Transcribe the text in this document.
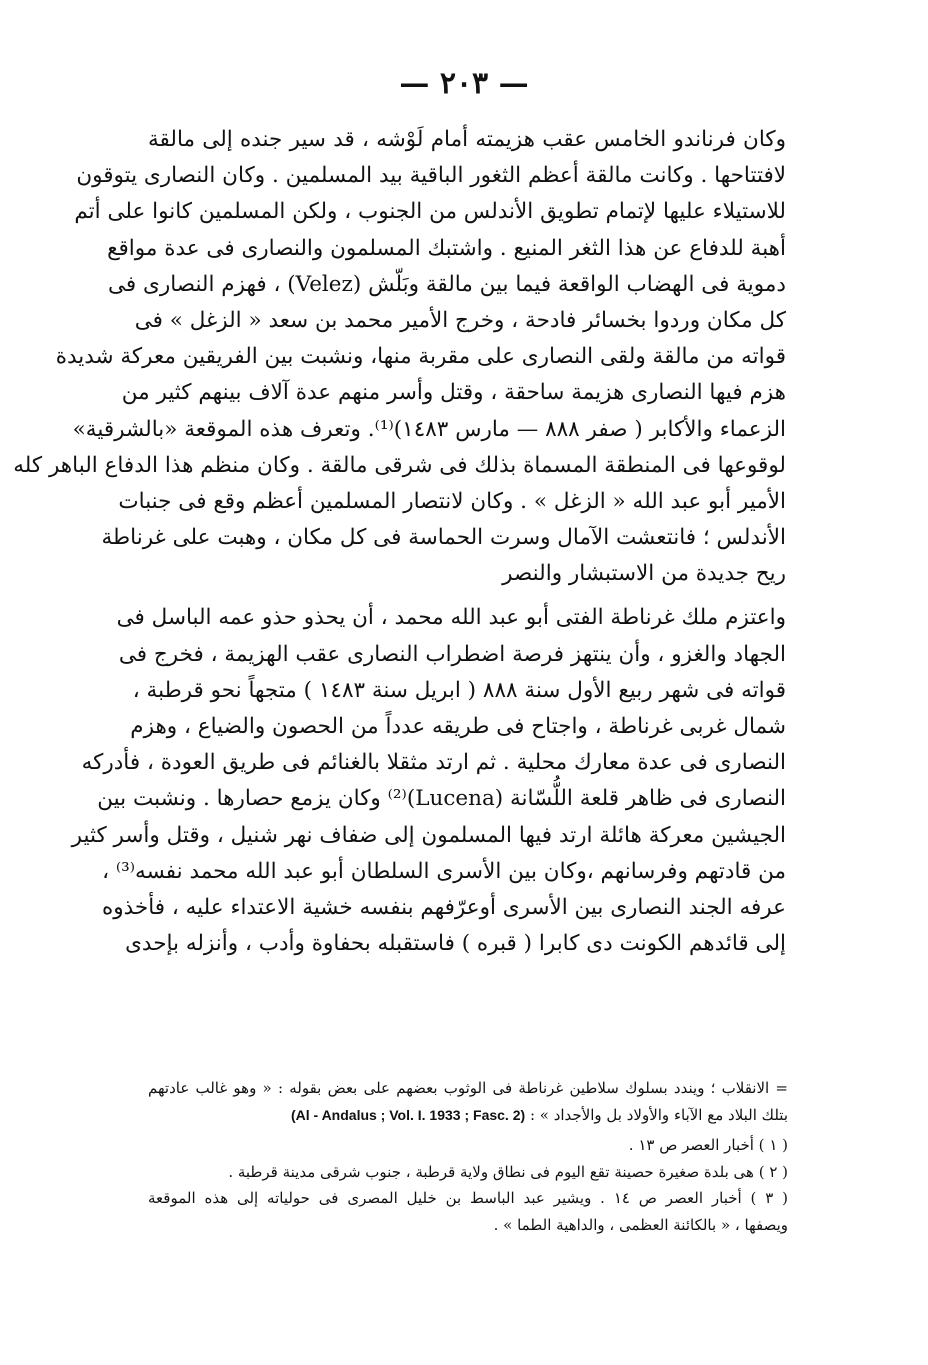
— ٢٠٣ —
وكان فرناندو الخامس عقب هزيمته أمام لَوْشه ، قد سير جنده إلى مالقة
لافتتاحها . وكانت مالقة أعظم الثغور الباقية بيد المسلمين . وكان النصارى يتوقون
للاستيلاء عليها لإتمام تطويق الأندلس من الجنوب ، ولكن المسلمين كانوا على أتم
أهبة للدفاع عن هذا الثغر المنيع . واشتبك المسلمون والنصارى فى عدة مواقع
دموية فى الهضاب الواقعة فيما بين مالقة وبَلّش (Velez) ، فهزم النصارى فى
كل مكان وردوا بخسائر فادحة ، وخرج الأمير محمد بن سعد « الزغل » فى
قواته من مالقة ولقى النصارى على مقربة منها، ونشبت بين الفريقين معركة شديدة
هزم فيها النصارى هزيمة ساحقة ، وقتل وأسر منهم عدة آلاف بينهم كثير من
الزعماء والأكابر ( صفر ٨٨٨ — مارس ١٤٨٣)⁽¹⁾. وتعرف هذه الموقعة «بالشرقية»
لوقوعها فى المنطقة المسماة بذلك فى شرقى مالقة . وكان منظم هذا الدفاع الباهر كله
الأمير أبو عبد الله « الزغل » . وكان لانتصار المسلمين أعظم وقع فى جنبات
الأندلس ؛ فانتعشت الآمال وسرت الحماسة فى كل مكان ، وهبت على غرناطة
ريح جديدة من الاستبشار والنصر
واعتزم ملك غرناطة الفتى أبو عبد الله محمد ، أن يحذو حذو عمه الباسل فى
الجهاد والغزو ، وأن ينتهز فرصة اضطراب النصارى عقب الهزيمة ، فخرج فى
قواته فى شهر ربيع الأول سنة ٨٨٨ ( ابريل سنة ١٤٨٣ ) متجهاً نحو قرطبة ،
شمال غربى غرناطة ، واجتاح فى طريقه عدداً من الحصون والضياع ، وهزم
النصارى فى عدة معارك محلية . ثم ارتد مثقلا بالغنائم فى طريق العودة ، فأدركه
النصارى فى ظاهر قلعة اللُّسّانة (Lucena)⁽²⁾ وكان يزمع حصارها . ونشبت بين
الجيشين معركة هائلة ارتد فيها المسلمون إلى ضفاف نهر شنيل ، وقتل وأسر كثير
من قادتهم وفرسانهم ،وكان بين الأسرى السلطان أبو عبد الله محمد نفسه⁽³⁾ ،
عرفه الجند النصارى بين الأسرى أوعرّفهم بنفسه خشية الاعتداء عليه ، فأخذوه
إلى قائدهم الكونت دى كابرا ( قبره ) فاستقبله بحفاوة وأدب ، وأنزله بإحدى
= الانقلاب ؛ ويندد بسلوك سلاطين غرناطة فى الوثوب بعضهم على بعض بقوله : « وهو غالب عادتهم
بتلك البلاد مع الآباء والأولاد بل والأجداد » : (Al - Andalus ; Vol. I. 1933 ; Fasc. 2)
( ١ ) أخبار العصر ص ١٣ .
( ٢ ) هى بلدة صغيرة حصينة تقع اليوم فى نطاق ولاية قرطبة ، جنوب شرقى مدينة قرطبة .
( ٣ ) أخبار العصر ص ١٤ . ويشير عبد الباسط بن خليل المصرى فى حولياته إلى هذه الموقعة
ويصفها ، « بالكائنة العظمى ، والداهية الطما » .
